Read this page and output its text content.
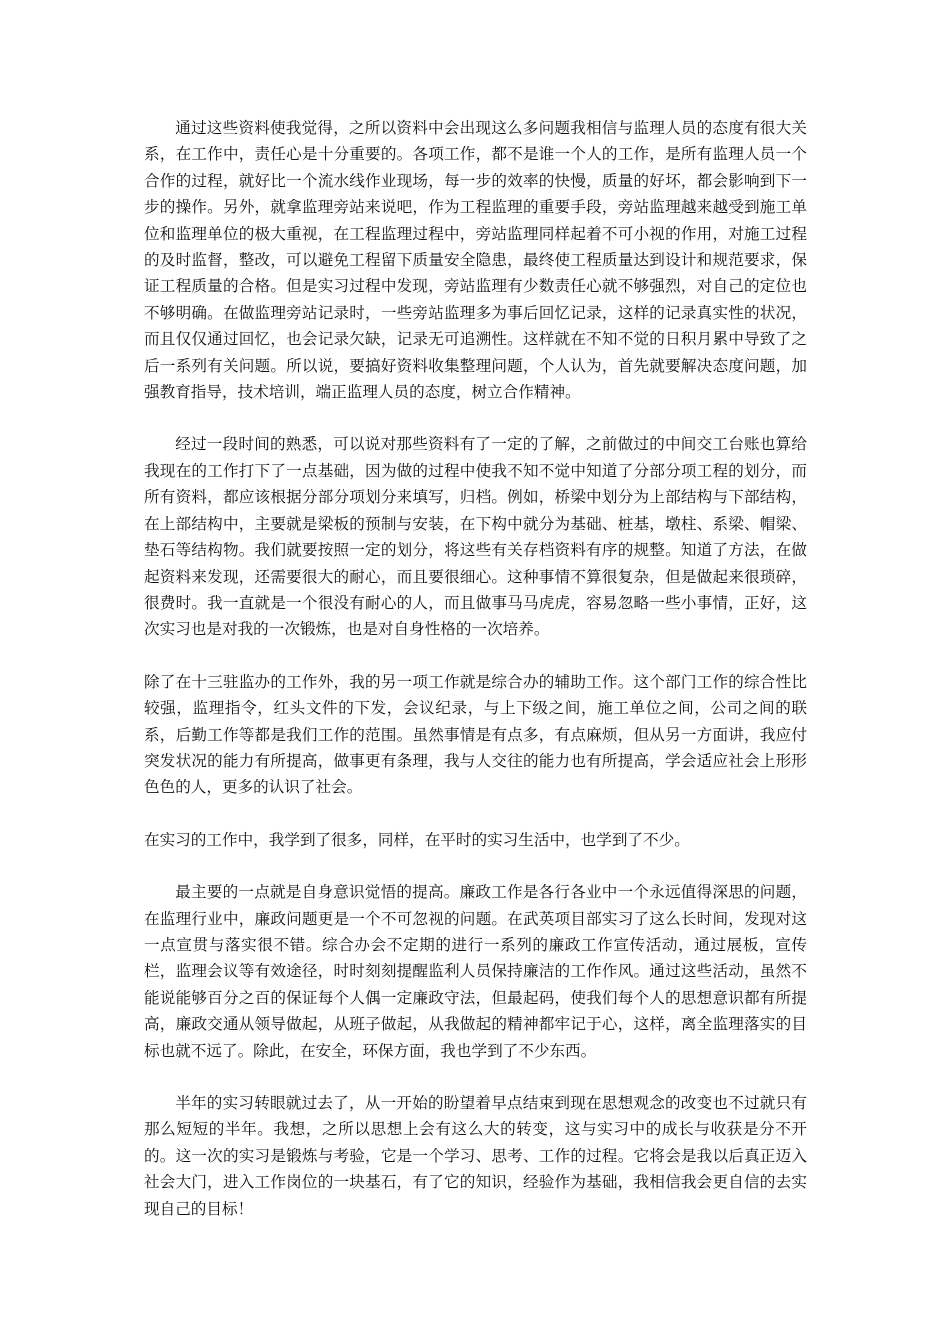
通过这些资料使我觉得，之所以资料中会出现这么多问题我相信与监理人员的态度有很大关系，在工作中，责任心是十分重要的。各项工作，都不是谁一个人的工作，是所有监理人员一个合作的过程，就好比一个流水线作业现场，每一步的效率的快慢，质量的好坏，都会影响到下一步的操作。另外，就拿监理旁站来说吧，作为工程监理的重要手段，旁站监理越来越受到施工单位和监理单位的极大重视，在工程监理过程中，旁站监理同样起着不可小视的作用，对施工过程的及时监督，整改，可以避免工程留下质量安全隐患，最终使工程质量达到设计和规范要求，保证工程质量的合格。但是实习过程中发现，旁站监理有少数责任心就不够强烈，对自己的定位也不够明确。在做监理旁站记录时，一些旁站监理多为事后回忆记录，这样的记录真实性的状况，而且仅仅通过回忆，也会记录欠缺，记录无可追溯性。这样就在不知不觉的日积月累中导致了之后一系列有关问题。所以说，要搞好资料收集整理问题，个人认为，首先就要解决态度问题，加强教育指导，技术培训，端正监理人员的态度，树立合作精神。

经过一段时间的熟悉，可以说对那些资料有了一定的了解，之前做过的中间交工台账也算给我现在的工作打下了一点基础，因为做的过程中使我不知不觉中知道了分部分项工程的划分，而所有资料，都应该根据分部分项划分来填写，归档。例如，桥梁中划分为上部结构与下部结构，在上部结构中，主要就是梁板的预制与安装，在下构中就分为基础、桩基，墩柱、系梁、帽梁、垫石等结构物。我们就要按照一定的划分，将这些有关存档资料有序的规整。知道了方法，在做起资料来发现，还需要很大的耐心，而且要很细心。这种事情不算很复杂，但是做起来很琐碎，很费时。我一直就是一个很没有耐心的人，而且做事马马虎虎，容易忽略一些小事情，正好，这次实习也是对我的一次锻炼，也是对自身性格的一次培养。

除了在十三驻监办的工作外，我的另一项工作就是综合办的辅助工作。这个部门工作的综合性比较强，监理指令，红头文件的下发，会议纪录，与上下级之间，施工单位之间，公司之间的联系，后勤工作等都是我们工作的范围。虽然事情是有点多，有点麻烦，但从另一方面讲，我应付突发状况的能力有所提高，做事更有条理，我与人交往的能力也有所提高，学会适应社会上形形色色的人，更多的认识了社会。

在实习的工作中，我学到了很多，同样，在平时的实习生活中，也学到了不少。

最主要的一点就是自身意识觉悟的提高。廉政工作是各行各业中一个永远值得深思的问题，在监理行业中，廉政问题更是一个不可忽视的问题。在武英项目部实习了这么长时间，发现对这一点宣贯与落实很不错。综合办会不定期的进行一系列的廉政工作宣传活动，通过展板，宣传栏，监理会议等有效途径，时时刻刻提醒监利人员保持廉洁的工作作风。通过这些活动，虽然不能说能够百分之百的保证每个人偶一定廉政守法，但最起码，使我们每个人的思想意识都有所提高，廉政交通从领导做起，从班子做起，从我做起的精神都牢记于心，这样，离全监理落实的目标也就不远了。除此，在安全，环保方面，我也学到了不少东西。

半年的实习转眼就过去了，从一开始的盼望着早点结束到现在思想观念的改变也不过就只有那么短短的半年。我想，之所以思想上会有这么大的转变，这与实习中的成长与收获是分不开的。这一次的实习是锻炼与考验，它是一个学习、思考、工作的过程。它将会是我以后真正迈入社会大门，进入工作岗位的一块基石，有了它的知识，经验作为基础，我相信我会更自信的去实现自己的目标！
